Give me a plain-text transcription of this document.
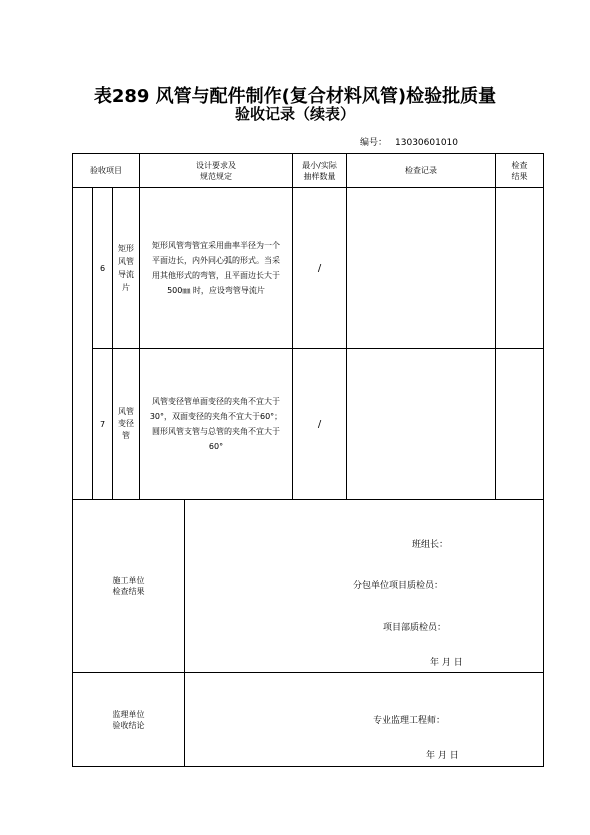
表289 风管与配件制作(复合材料风管)检验批质量
验收记录（续表）
编号： 13030601010
验收项目
设计要求及
规范规定
最小/实际
抽样数量
检查记录
检查
结果
6
矩形
风管
导流
片
矩形风管弯管宜采用曲率半径为一个
平面边长，内外同心弧的形式。当采
用其他形式的弯管，且平面边长大于
500㎜ 时，应设弯管导流片
/
7
风管
变径
管
风管变径管单面变径的夹角不宜大于
30°，双面变径的夹角不宜大于60°；
圆形风管支管与总管的夹角不宜大于
60°
/
施工单位
检查结果
班组长：
分包单位项目质检员：
项目部质检员：
年 月 日
监理单位
验收结论	专业监理工程师：
年 月 日
